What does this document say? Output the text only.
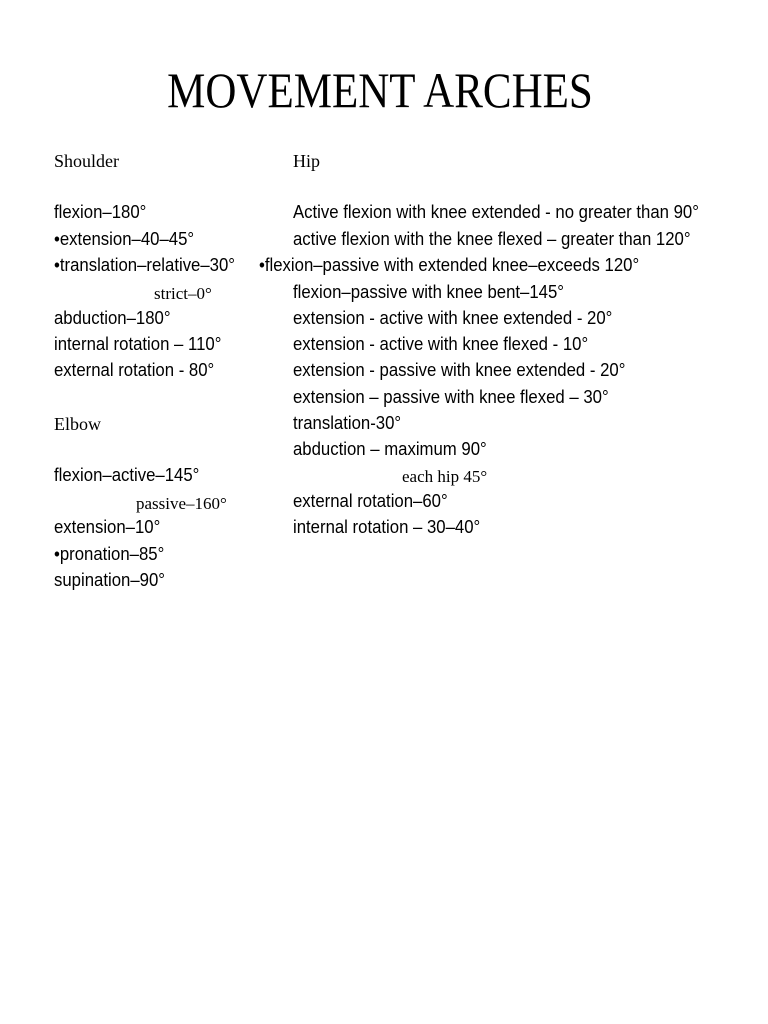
MOVEMENT ARCHES
Shoulder
flexion–180°
•extension–40–45°
•translation–relative–30°
strict–0°
abduction–180°
internal rotation – 110°
external rotation - 80°
Elbow
flexion–active–145°
passive–160°
extension–10°
•pronation–85°
supination–90°
Hip
Active flexion with knee extended - no greater than 90°
active flexion with the knee flexed – greater than 120°
•flexion–passive with extended knee–exceeds 120°
flexion–passive with knee bent–145°
extension - active with knee extended - 20°
extension - active with knee flexed - 10°
extension - passive with knee extended - 20°
extension – passive with knee flexed – 30°
translation-30°
abduction – maximum 90°
each hip 45°
external rotation–60°
internal rotation – 30–40°
